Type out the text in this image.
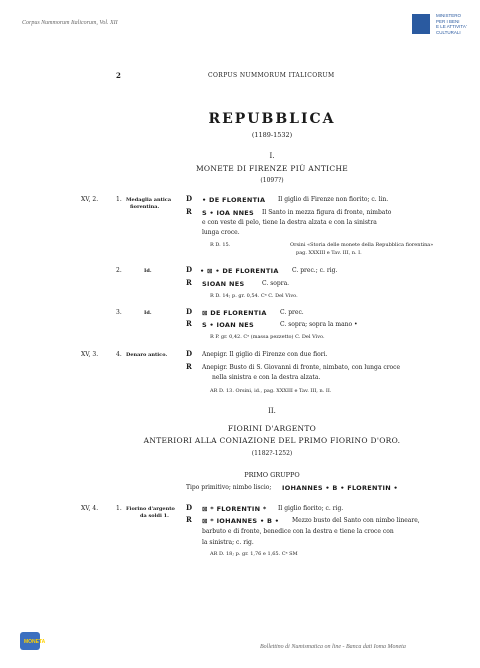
Corpus Nummorum Italicorum, Vol. XII
MINISTERO
PER I BENI
E LE ATTIVITA'
CULTURALI
2	CORPUS NUMMORUM ITALICORUM
REPUBBLICA
(1189-1532)
I.
MONETE DI FIRENZE PIÙ ANTICHE
(1097?)
XV, 2.	1. Medaglia antica
fiorentina.
D • DE FLORENTIA Il giglio di Firenze non fiorito; c. lin.
R S • IOA NNES Il Santo in mezza figura di fronte, nimbato
e con veste di pelo, tiene la destra alzata e con la sinistra
lunga croce.
R D. 15.	Orsini «Storia delle monete della Repubblica fiorentina»
pag. XXXIII e Tav. III, n. I.
2.	Id.	D • ⊠ • DE FLORENTIA C. prec.; c. rig.
R SIOAN NES	C. sopra.
R D. 14; p. gr. 0,54. Cᵃ C. Del Vivo.
3.	Id.	D ⊠ DE FLORENTIA C. prec.
R S • IOAN NES	C. sopra; sopra la mano •
R P. gr. 0,42. Cᵃ (massa pezzetto) C. Del Vivo.
XV, 3.	4. Denaro antico.	D Anepigr. Il giglio di Firenze con due fiori.
R Anepigr. Busto di S. Giovanni di fronte, nimbato, con lunga croce
nella sinistra e con la destra alzata.
AR D. 13. Orsini, id., pag. XXXIII e Tav. III, n. II.
II.
FIORINI D'ARGENTO
ANTERIORI ALLA CONIAZIONE DEL PRIMO FIORINO D'ORO.
(1182?-1252)
PRIMO GRUPPO
Tipo primitivo; nimbo liscio; IOHANNES • B • FLORENTIN •
XV, 4.	1. Fiorino d'argento
da soldi 1.
D ⊠ * FLORENTIN * Il giglio fiorito; c. rig.
R ⊠ * IOHANNES • B • Mezzo busto del Santo con nimbo lineare,
barbuto e di fronte, benedice con la destra e tiene la croce con
la sinistra; c. rig.
AR D. 18; p. gr. 1,76 e 1,65. Cᵃ SM
MONETA
Bollettino di Numismatica on line - Banca dati Ioma Moneta
